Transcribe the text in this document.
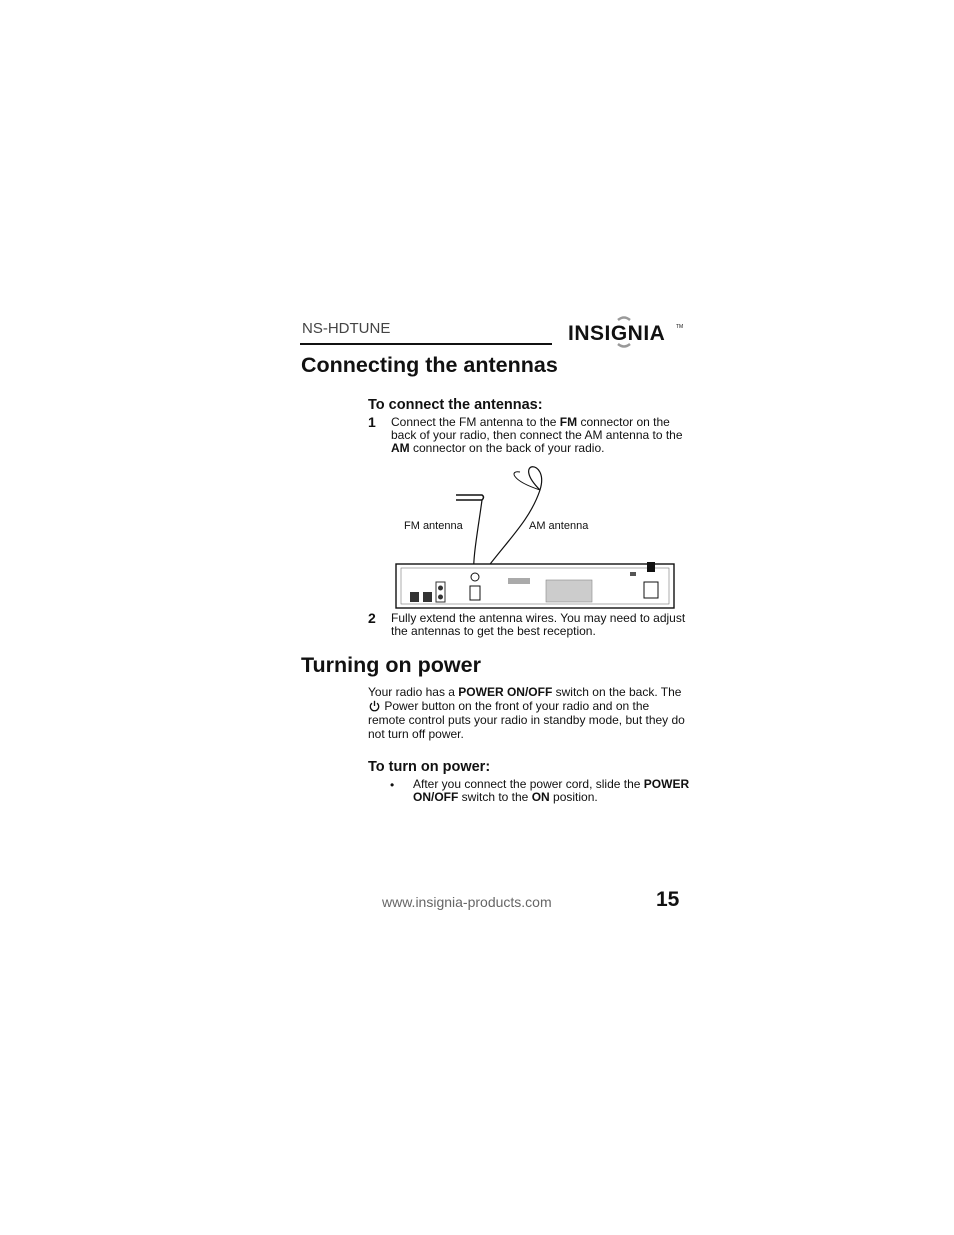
NS-HDTUNE	INSIGNIA TM
Connecting the antennas
To connect the antennas:
1 Connect the FM antenna to the FM connector on the back of your radio, then connect the AM antenna to the AM connector on the back of your radio.
FM antenna	AM antenna
2 Fully extend the antenna wires. You may need to adjust the antennas to get the best reception.
Turning on power
Your radio has a POWER ON/OFF switch on the back. The  Power button on the front of your radio and on the remote control puts your radio in standby mode, but they do not turn off power.
To turn on power:
• After you connect the power cord, slide the POWER ON/OFF switch to the ON position.
www.insignia-products.com	15
